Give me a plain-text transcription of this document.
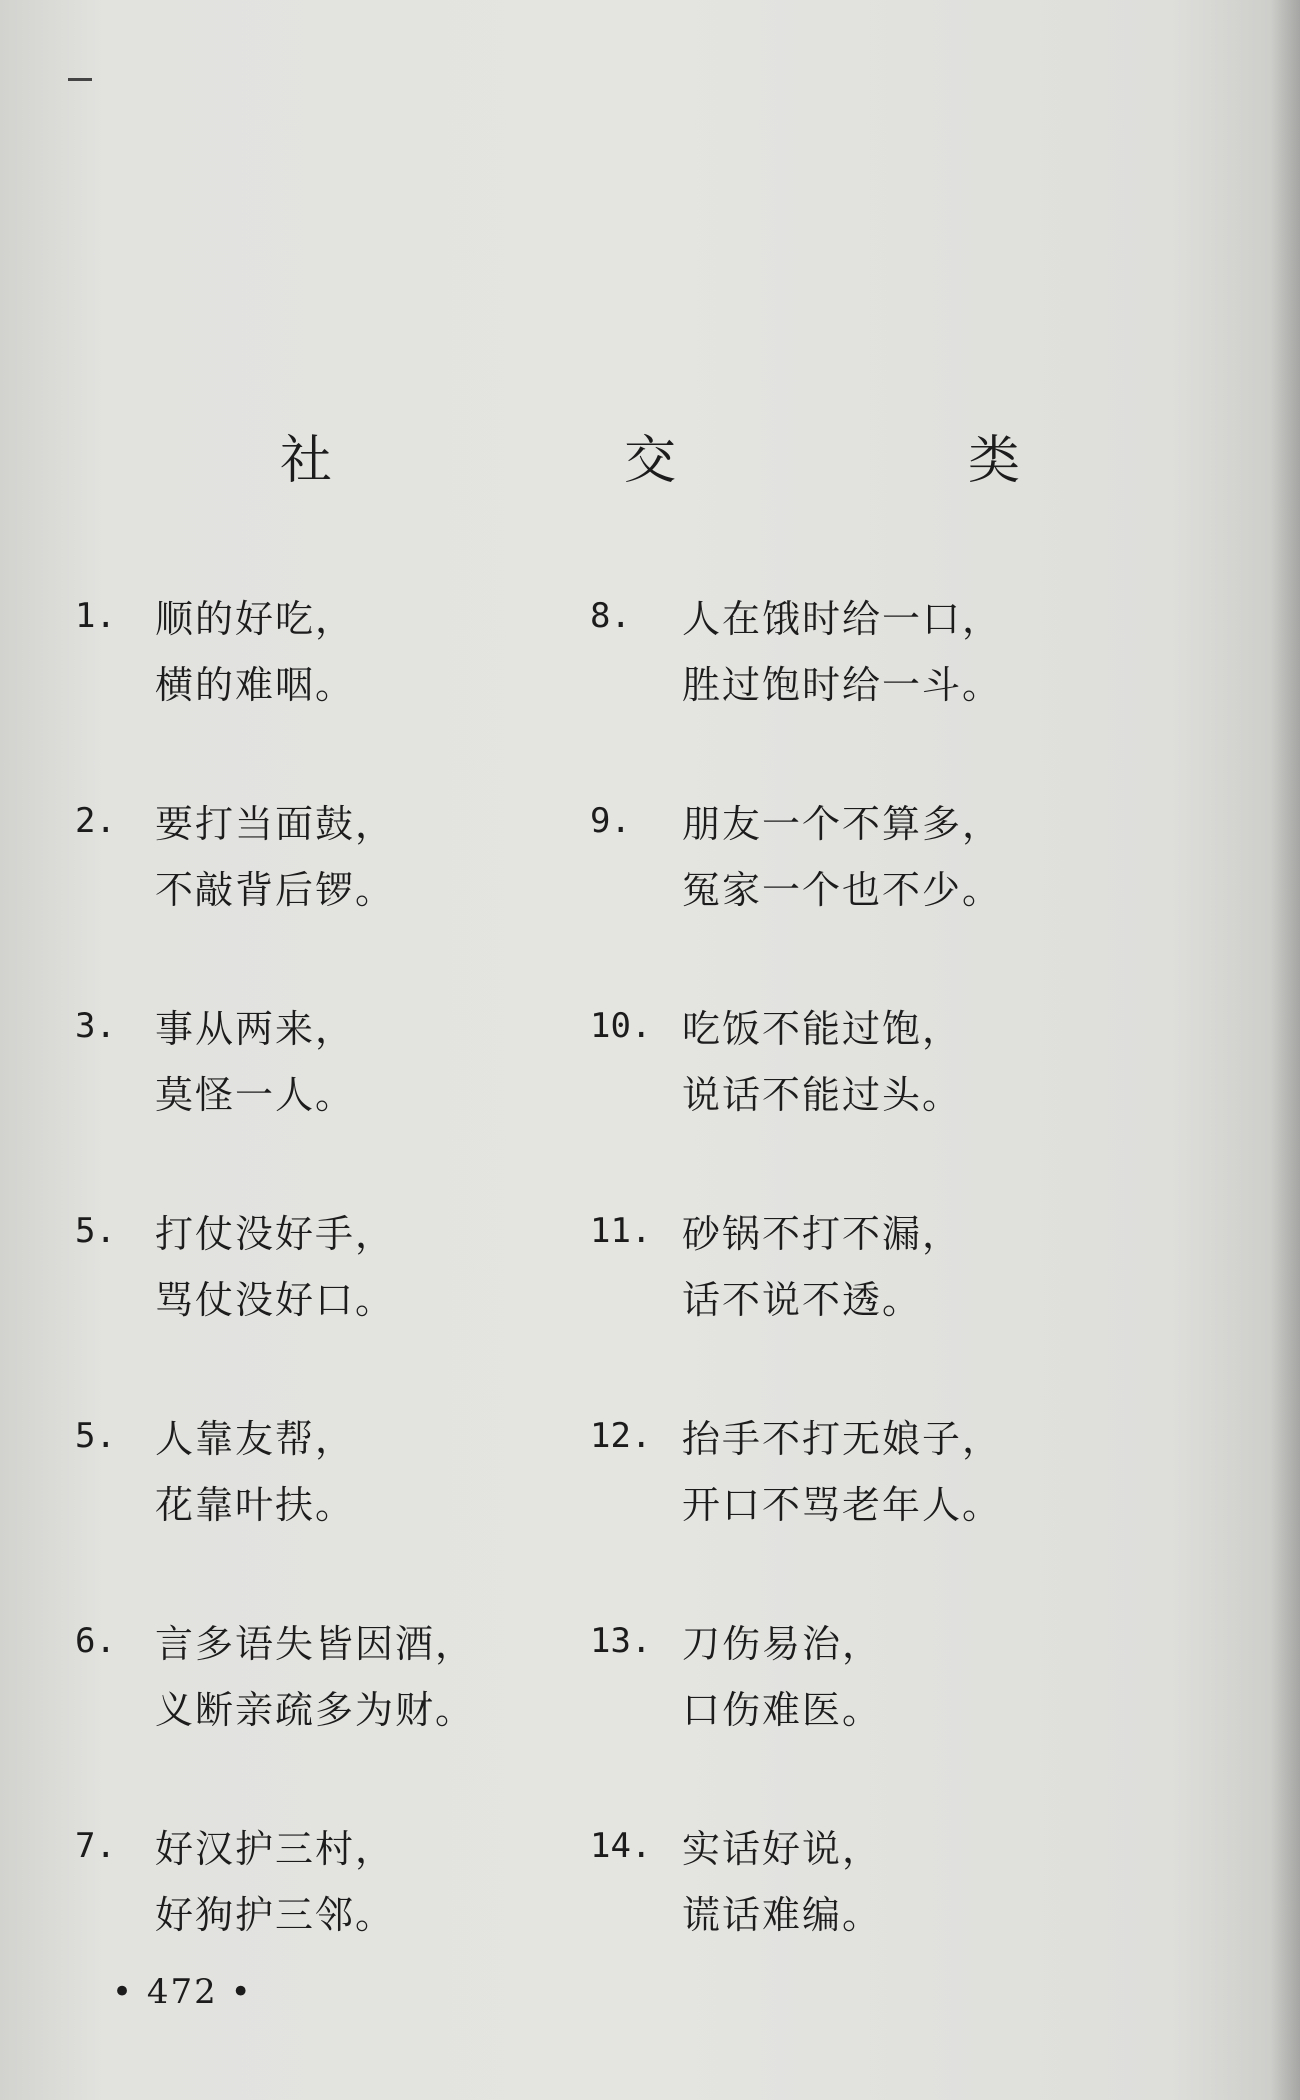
社　交　类
1.	顺的好吃，
横的难咽。
2.	要打当面鼓，
不敲背后锣。
3.	事从两来，
莫怪一人。
5.	打仗没好手，
骂仗没好口。
5.	人靠友帮，
花靠叶扶。
6.	言多语失皆因酒，
义断亲疏多为财。
7.	好汉护三村，
好狗护三邻。
8.	人在饿时给一口，
胜过饱时给一斗。
9.	朋友一个不算多，
冤家一个也不少。
10. 吃饭不能过饱，
说话不能过头。
11. 砂锅不打不漏，
话不说不透。
12. 抬手不打无娘子，
开口不骂老年人。
13. 刀伤易治，
口伤难医。
14. 实话好说，
谎话难编。
• 472 •
